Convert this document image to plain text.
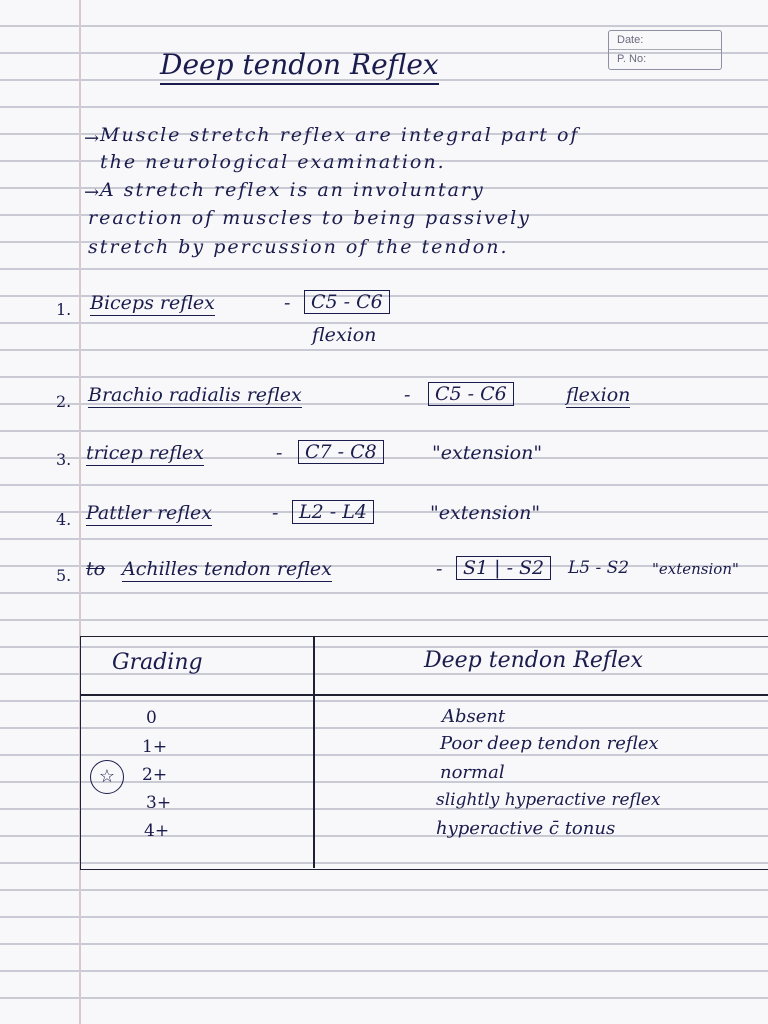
Date:
P. No:
Deep tendon Reflex
→ Muscle stretch reflex are integral part of
the neurological examination.
→ A stretch reflex is an involuntary
reaction of muscles to being passively
stretch by percussion of the tendon.
1. Biceps reflex	-	C5 - C6
flexion
2. Brachio radialis reflex	-	C5 - C6	flexion
3. tricep reflex	-	C7 - C8	"extension"
4. Pattler reflex	-	L2 - L4	"extension"
5. to Achilles tendon reflex	-	S1 | - S2	L5 - S2 "extension"
Grading	Deep tendon Reflex
0	Absent
1+	Poor deep tendon reflex
☆	2+	normal
3+	slightly hyperactive reflex
4+	hyperactive c̄ tonus
